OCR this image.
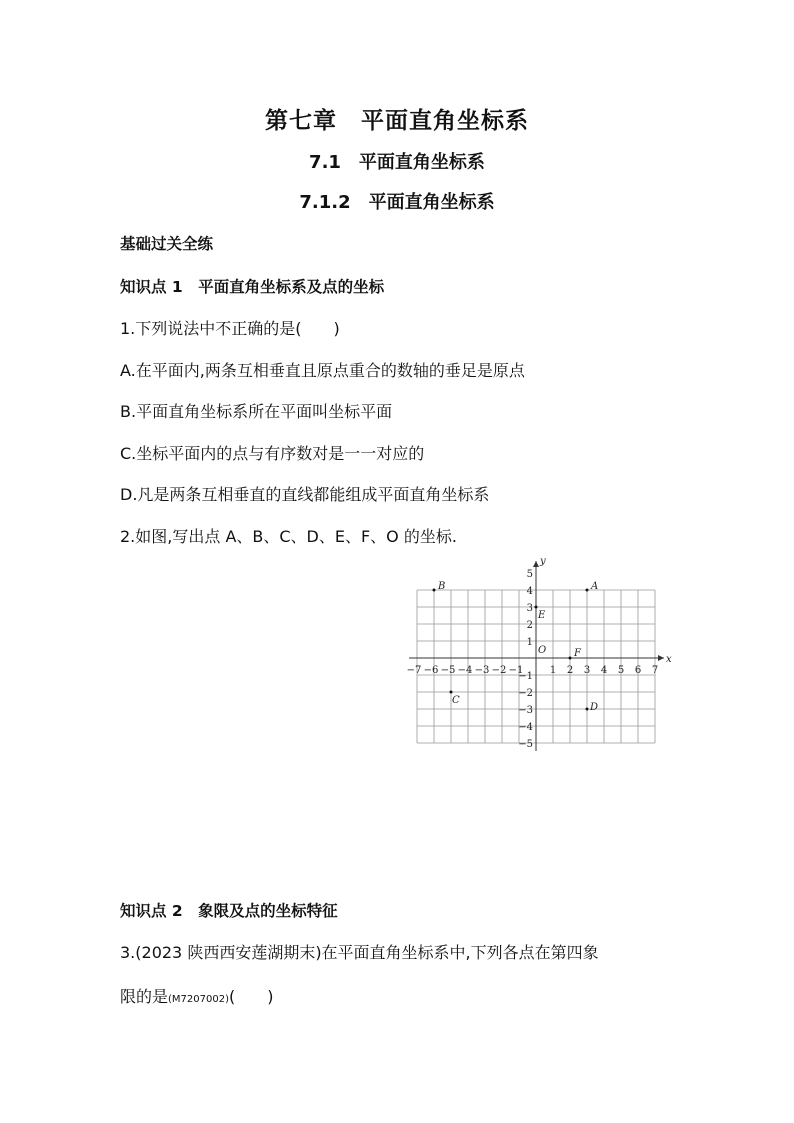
第七章　平面直角坐标系
7.1　平面直角坐标系
7.1.2　平面直角坐标系
基础过关全练
知识点 1　平面直角坐标系及点的坐标
1.下列说法中不正确的是(　　)
A.在平面内,两条互相垂直且原点重合的数轴的垂足是原点
B.平面直角坐标系所在平面叫坐标平面
C.坐标平面内的点与有序数对是一一对应的
D.凡是两条互相垂直的直线都能组成平面直角坐标系
2.如图,写出点 A、B、C、D、E、F、O 的坐标.
x
y
O
−7 −6 −5 −4 −3 −2 −1	1 2 3 4 5 6 7
5
4
3
2
1
−1
−2
−3
−4
−5
A
B
C
D
E
F
知识点 2　象限及点的坐标特征
3.(2023 陕西西安莲湖期末)在平面直角坐标系中,下列各点在第四象
限的是(M7207002)(　　)
